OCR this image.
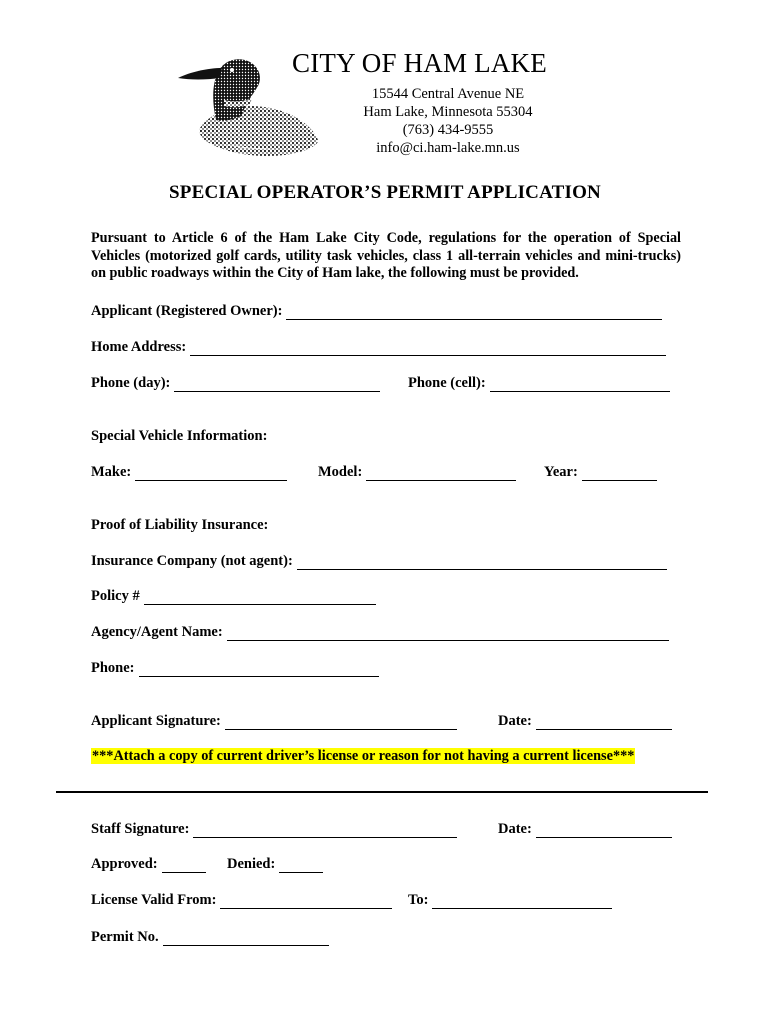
CITY OF HAM LAKE
15544 Central Avenue NE
Ham Lake, Minnesota 55304
(763) 434-9555
info@ci.ham-lake.mn.us
SPECIAL OPERATOR’S PERMIT APPLICATION

Pursuant to Article 6 of the Ham Lake City Code, regulations for the operation of Special Vehicles (motorized golf cards, utility task vehicles, class 1 all-terrain vehicles and mini-trucks) on public roadways within the City of Ham lake, the following must be provided.

Applicant (Registered Owner):
Home Address:
Phone (day):	Phone (cell):
Special Vehicle Information:
Make:	Model:	Year:
Proof of Liability Insurance:
Insurance Company (not agent):
Policy #
Agency/Agent Name:
Phone:
Applicant Signature:	Date:
***Attach a copy of current driver’s license or reason for not having a current license***
Staff Signature:	Date:
Approved:	Denied:
License Valid From:	To:
Permit No.
